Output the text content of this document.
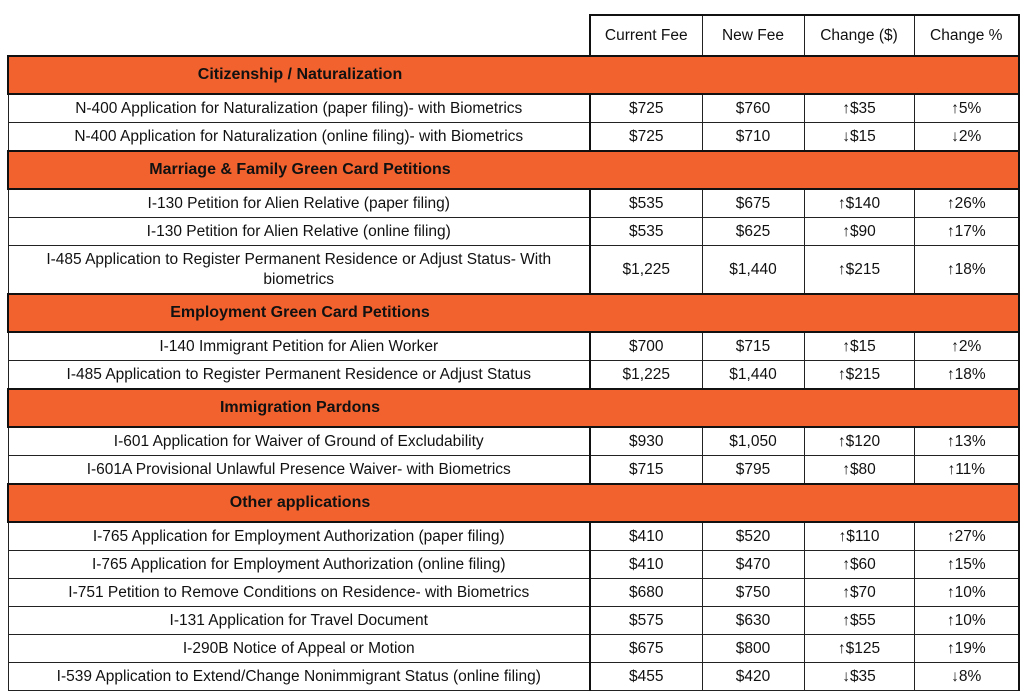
	Current Fee	New Fee	Change ($)	Change %
Citizenship / Naturalization				
N-400 Application for Naturalization (paper filing)- with Biometrics	$725	$760	↑$35	↑5%
N-400 Application for Naturalization (online filing)- with Biometrics	$725	$710	↓$15	↓2%
Marriage & Family Green Card Petitions				
I-130 Petition for Alien Relative (paper filing)	$535	$675	↑$140	↑26%
I-130 Petition for Alien Relative (online filing)	$535	$625	↑$90	↑17%
I-485 Application to Register Permanent Residence or Adjust Status- With biometrics	$1,225	$1,440	↑$215	↑18%
Employment Green Card Petitions				
I-140 Immigrant Petition for Alien Worker	$700	$715	↑$15	↑2%
I-485 Application to Register Permanent Residence or Adjust Status	$1,225	$1,440	↑$215	↑18%
Immigration Pardons				
I-601 Application for Waiver of Ground of Excludability	$930	$1,050	↑$120	↑13%
I-601A Provisional Unlawful Presence Waiver- with Biometrics	$715	$795	↑$80	↑11%
Other applications				
I-765 Application for Employment Authorization (paper filing)	$410	$520	↑$110	↑27%
I-765 Application for Employment Authorization (online filing)	$410	$470	↑$60	↑15%
I-751 Petition to Remove Conditions on Residence- with Biometrics	$680	$750	↑$70	↑10%
I-131 Application for Travel Document	$575	$630	↑$55	↑10%
I-290B Notice of Appeal or Motion	$675	$800	↑$125	↑19%
I-539 Application to Extend/Change Nonimmigrant Status (online filing)	$455	$420	↓$35	↓8%
